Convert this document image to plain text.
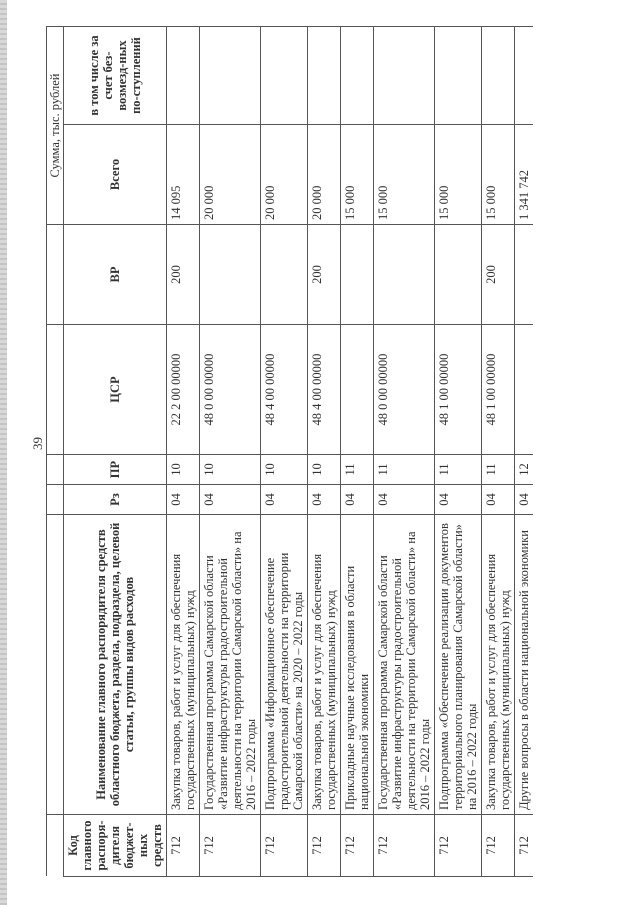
39
						Сумма, тыс. рублей	
Код главного распоря-дителя бюджет-ных средств	Наименование главного распорядителя средств областного бюджета, раздела, подраздела, целевой статьи, группы видов расходов	Рз	ПР	ЦСР	ВР	Всего	в том числе за счет без-возмезд-ных по-ступлений
712	Закупка товаров, работ и услуг для обеспечения государственных (муниципальных) нужд	04	10	22 2 00 00000	200	14 095	
712	Государственная программа Самарской области «Развитие инфраструктуры градостроительной деятельности на территории Самарской области» на 2016 – 2022 годы	04	10	48 0 00 00000		20 000	
712	Подпрограмма «Информационное обеспечение градостроительной деятельности на территории Самарской области» на 2020 – 2022 годы	04	10	48 4 00 00000		20 000	
712	Закупка товаров, работ и услуг для обеспечения государственных (муниципальных) нужд	04	10	48 4 00 00000	200	20 000	
712	Прикладные научные исследования в области национальной экономики	04	11			15 000	
712	Государственная программа Самарской области «Развитие инфраструктуры градостроительной деятельности на территории Самарской области» на 2016 – 2022 годы	04	11	48 0 00 00000		15 000	
712	Подпрограмма «Обеспечение реализации документов территориального планирования Самарской области» на 2016 – 2022 годы	04	11	48 1 00 00000		15 000	
712	Закупка товаров, работ и услуг для обеспечения государственных (муниципальных) нужд	04	11	48 1 00 00000	200	15 000	
712	Другие вопросы в области национальной экономики	04	12			1 341 742	
